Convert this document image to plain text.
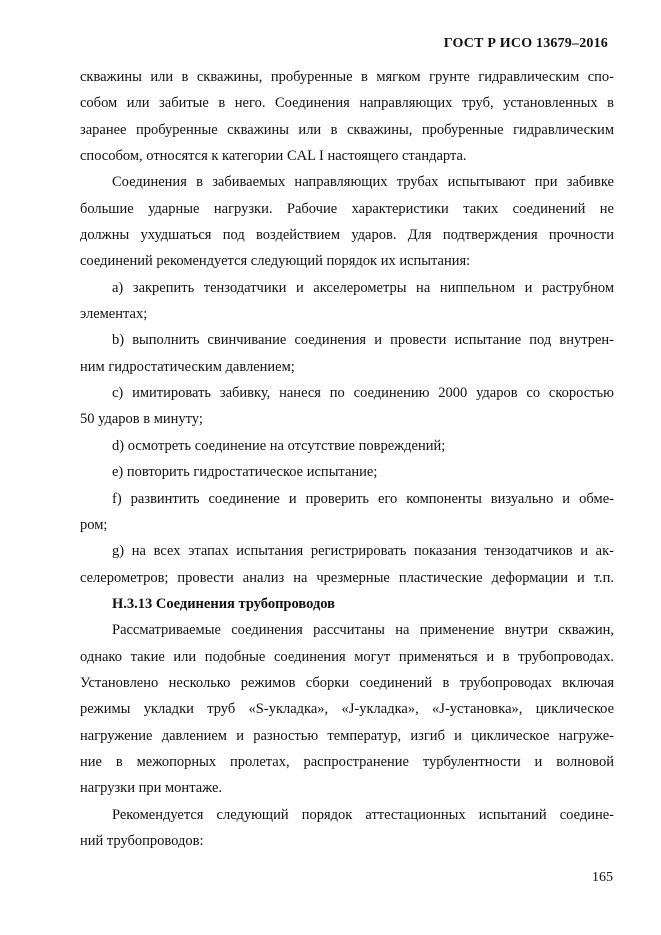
ГОСТ Р ИСО 13679–2016
скважины или в скважины, пробуренные в мягком грунте гидравлическим спо-
собом или забитые в него. Соединения направляющих труб, установленных в
заранее пробуренные скважины или в скважины, пробуренные гидравлическим
способом, относятся к категории CAL I настоящего стандарта.
Соединения в забиваемых направляющих трубах испытывают при забивке
большие ударные нагрузки. Рабочие характеристики таких соединений не
должны ухудшаться под воздействием ударов. Для подтверждения прочности
соединений рекомендуется следующий порядок их испытания:
a) закрепить тензодатчики и акселерометры на ниппельном и раструбном
элементах;
b) выполнить свинчивание соединения и провести испытание под внутрен-
ним гидростатическим давлением;
c) имитировать забивку, нанеся по соединению 2000 ударов со скоростью
50 ударов в минуту;
d) осмотреть соединение на отсутствие повреждений;
e) повторить гидростатическое испытание;
f) развинтить соединение и проверить его компоненты визуально и обме-
ром;
g) на всех этапах испытания регистрировать показания тензодатчиков и ак-
селерометров; провести анализ на чрезмерные пластические деформации и т.п.
Н.3.13 Соединения трубопроводов
Рассматриваемые соединения рассчитаны на применение внутри скважин,
однако такие или подобные соединения могут применяться и в трубопроводах.
Установлено несколько режимов сборки соединений в трубопроводах включая
режимы укладки труб «S-укладка», «J-укладка», «J-установка», циклическое
нагружение давлением и разностью температур, изгиб и циклическое нагруже-
ние в межопорных пролетах, распространение турбулентности и волновой
нагрузки при монтаже.
Рекомендуется следующий порядок аттестационных испытаний соедине-
ний трубопроводов:
165
